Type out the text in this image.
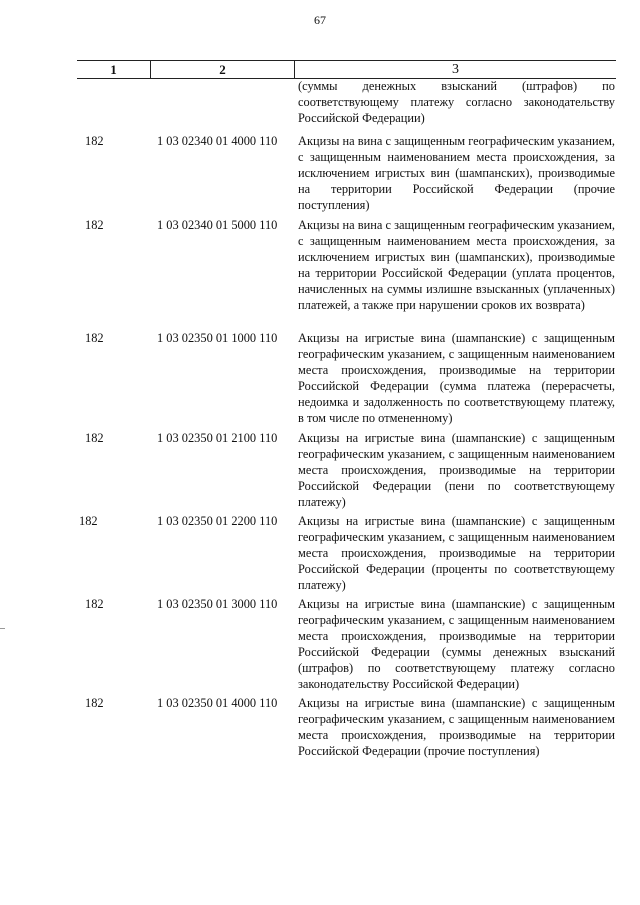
67
1	2	3
(суммы денежных взысканий (штрафов) по соответствующему платежу согласно законодательству Российской Федерации)
182	1 03 02340 01 4000 110	Акцизы на вина с защищенным географическим указанием, с защищенным наименованием места происхождения, за исключением игристых вин (шампанских), производимые на территории Российской Федерации (прочие поступления)
182	1 03 02340 01 5000 110	Акцизы на вина с защищенным географическим указанием, с защищенным наименованием места происхождения, за исключением игристых вин (шампанских), производимые на территории Российской Федерации (уплата процентов, начисленных на суммы излишне взысканных (уплаченных) платежей, а также при нарушении сроков их возврата)
182	1 03 02350 01 1000 110	Акцизы на игристые вина (шампанские) с защищенным географическим указанием, с защищенным наименованием места происхождения, производимые на территории Российской Федерации (сумма платежа (перерасчеты, недоимка и задолженность по соответствующему платежу, в том числе по отмененному)
182	1 03 02350 01 2100 110	Акцизы на игристые вина (шампанские) с защищенным географическим указанием, с защищенным наименованием места происхождения, производимые на территории Российской Федерации (пени по соответствующему платежу)
182	1 03 02350 01 2200 110	Акцизы на игристые вина (шампанские) с защищенным географическим указанием, с защищенным наименованием места происхождения, производимые на территории Российской Федерации (проценты по соответствующему платежу)
182	1 03 02350 01 3000 110	Акцизы на игристые вина (шампанские) с защищенным географическим указанием, с защищенным наименованием места происхождения, производимые на территории Российской Федерации (суммы денежных взысканий (штрафов) по соответствующему платежу согласно законодательству Российской Федерации)
182	1 03 02350 01 4000 110	Акцизы на игристые вина (шампанские) с защищенным географическим указанием, с защищенным наименованием места происхождения, производимые на территории Российской Федерации (прочие поступления)
